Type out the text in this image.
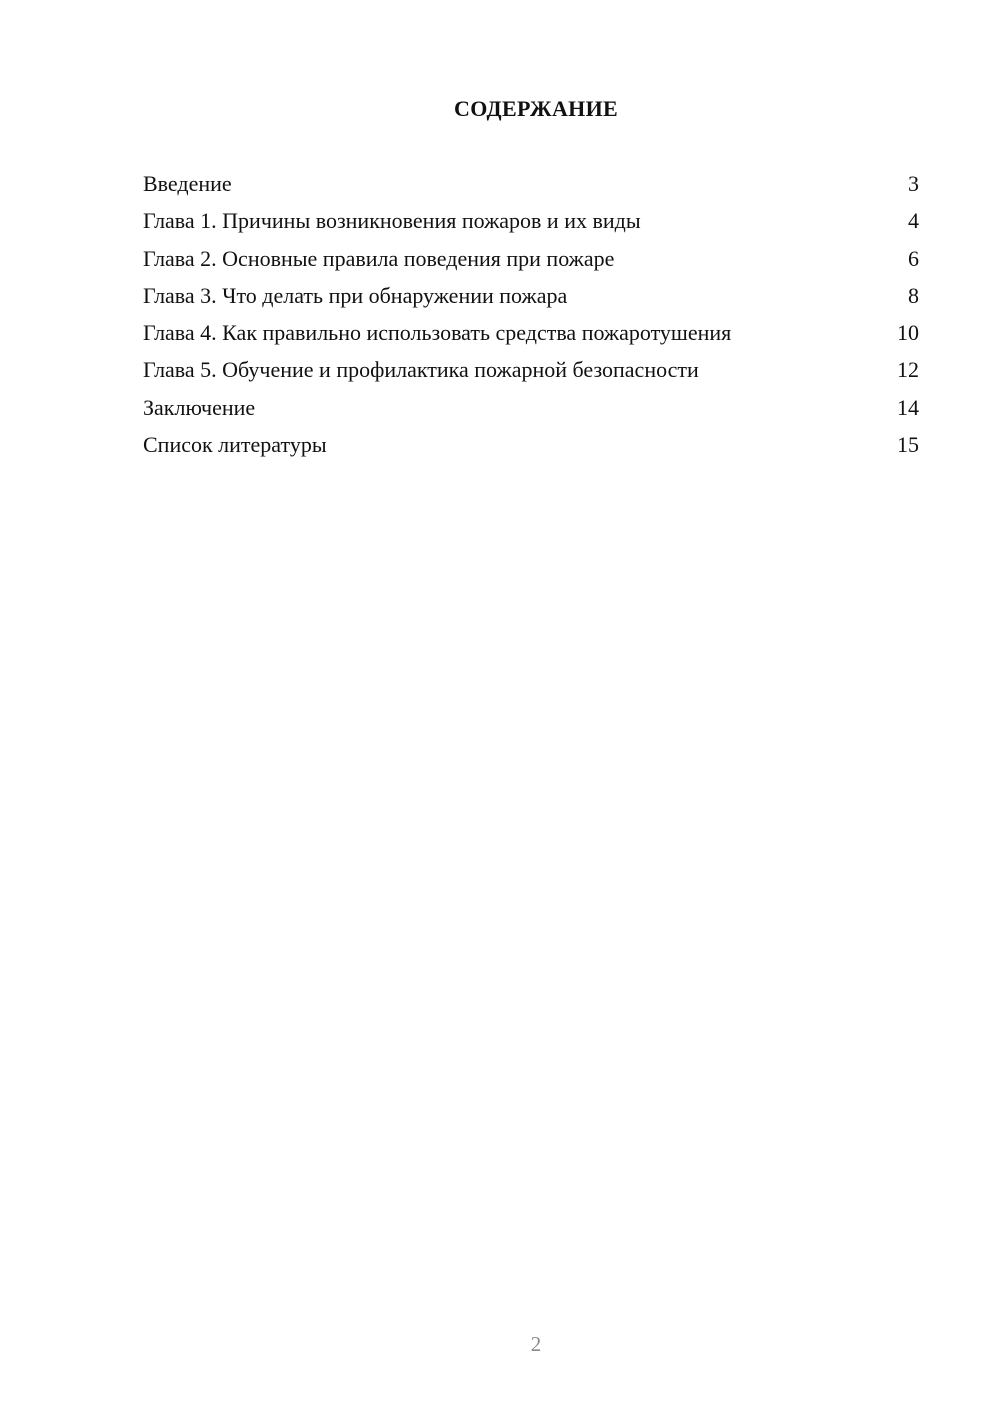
СОДЕРЖАНИЕ
Введение	3
Глава 1. Причины возникновения пожаров и их виды	4
Глава 2. Основные правила поведения при пожаре	6
Глава 3. Что делать при обнаружении пожара	8
Глава 4. Как правильно использовать средства пожаротушения	10
Глава 5. Обучение и профилактика пожарной безопасности	12
Заключение	14
Список литературы	15
2
